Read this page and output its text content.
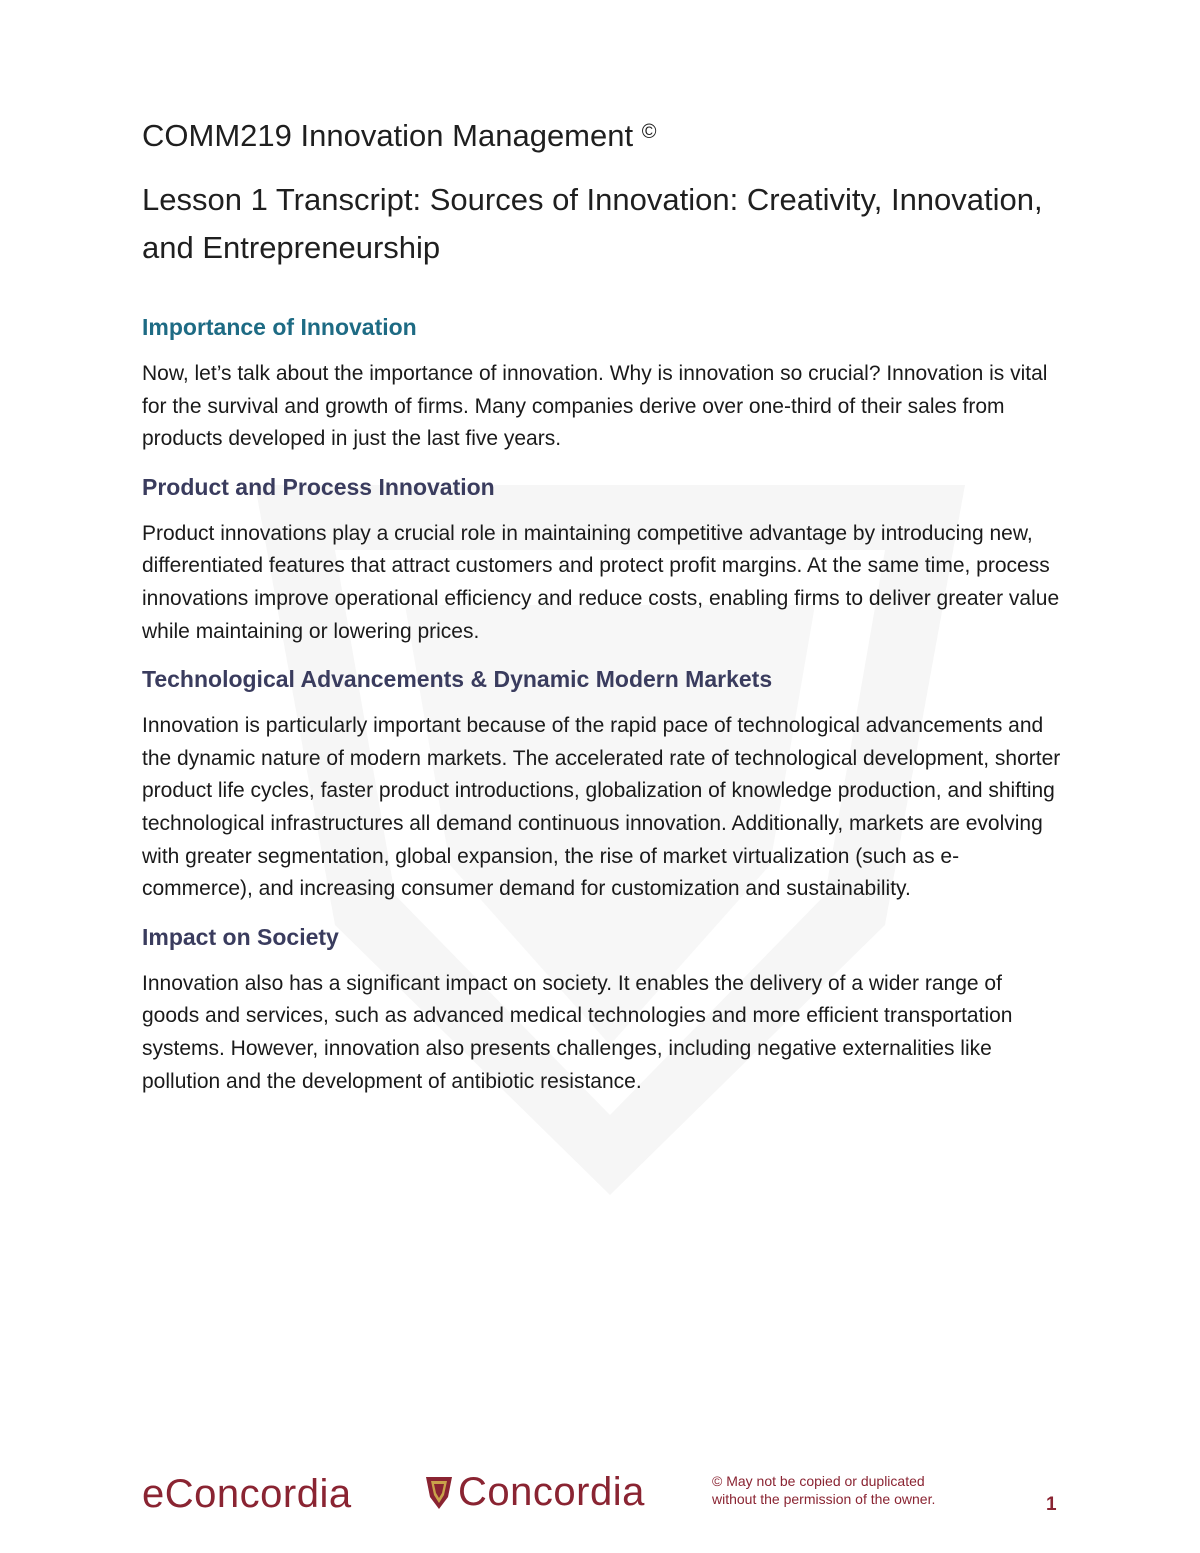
COMM219 Innovation Management ©
Lesson 1 Transcript: Sources of Innovation: Creativity, Innovation, and Entrepreneurship
Importance of Innovation

Now, let’s talk about the importance of innovation. Why is innovation so crucial? Innovation is vital for the survival and growth of firms. Many companies derive over one-third of their sales from products developed in just the last five years.

Product and Process Innovation

Product innovations play a crucial role in maintaining competitive advantage by introducing new, differentiated features that attract customers and protect profit margins. At the same time, process innovations improve operational efficiency and reduce costs, enabling firms to deliver greater value while maintaining or lowering prices.

Technological Advancements & Dynamic Modern Markets

Innovation is particularly important because of the rapid pace of technological advancements and the dynamic nature of modern markets. The accelerated rate of technological development, shorter product life cycles, faster product introductions, globalization of knowledge production, and shifting technological infrastructures all demand continuous innovation. Additionally, markets are evolving with greater segmentation, global expansion, the rise of market virtualization (such as e-commerce), and increasing consumer demand for customization and sustainability.

Impact on Society

Innovation also has a significant impact on society. It enables the delivery of a wider range of goods and services, such as advanced medical technologies and more efficient transportation systems. However, innovation also presents challenges, including negative externalities like pollution and the development of antibiotic resistance.

eConcordia	Concordia	© May not be copied or duplicated
without the permission of the owner.	1
